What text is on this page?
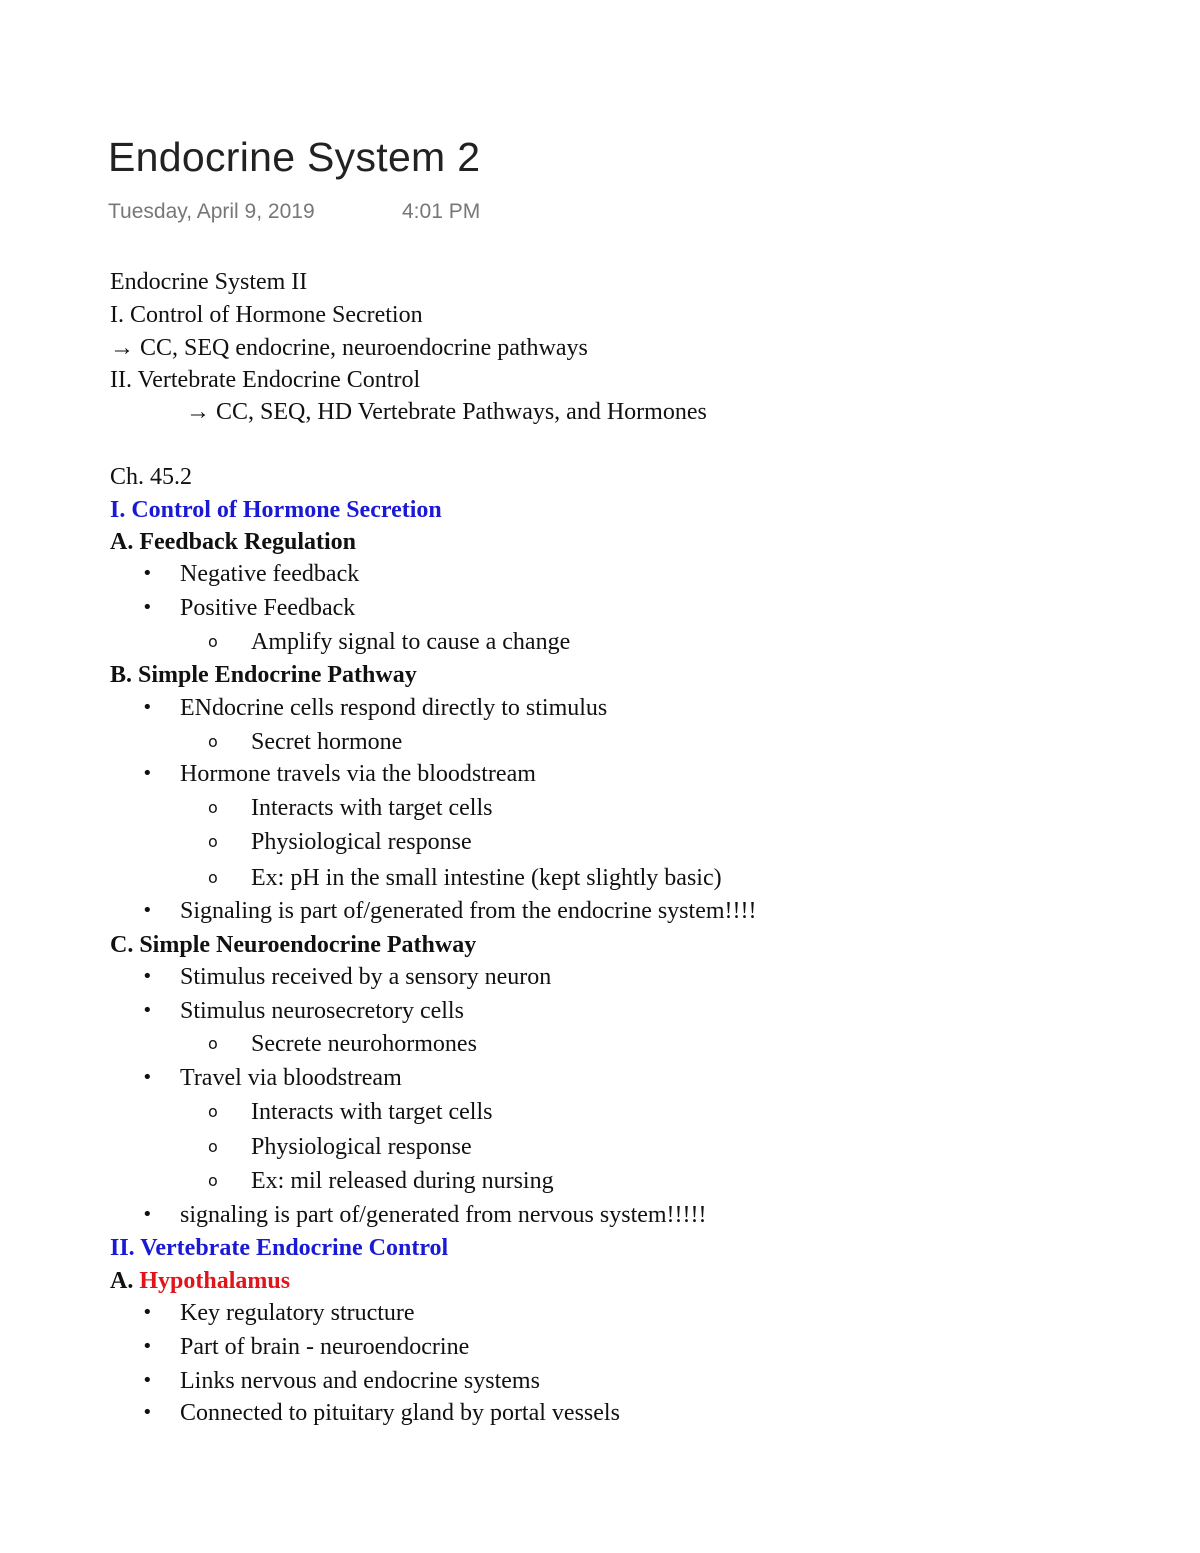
Endocrine System 2
Tuesday, April 9, 2019	4:01 PM
Endocrine System II
I. Control of Hormone Secretion
→ CC, SEQ endocrine, neuroendocrine pathways
II. Vertebrate Endocrine Control
→ CC, SEQ, HD Vertebrate Pathways, and Hormones
Ch. 45.2
I. Control of Hormone Secretion
A. Feedback Regulation
• Negative feedback
• Positive Feedback
o Amplify signal to cause a change
B. Simple Endocrine Pathway
• ENdocrine cells respond directly to stimulus
o Secret hormone
• Hormone travels via the bloodstream
o Interacts with target cells
o Physiological response
o Ex: pH in the small intestine (kept slightly basic)
• Signaling is part of/generated from the endocrine system!!!!
C. Simple Neuroendocrine Pathway
• Stimulus received by a sensory neuron
• Stimulus neurosecretory cells
o Secrete neurohormones
• Travel via bloodstream
o Interacts with target cells
o Physiological response
o Ex: mil released during nursing
• signaling is part of/generated from nervous system!!!!!
II. Vertebrate Endocrine Control
A. Hypothalamus
• Key regulatory structure
• Part of brain - neuroendocrine
• Links nervous and endocrine systems
• Connected to pituitary gland by portal vessels
